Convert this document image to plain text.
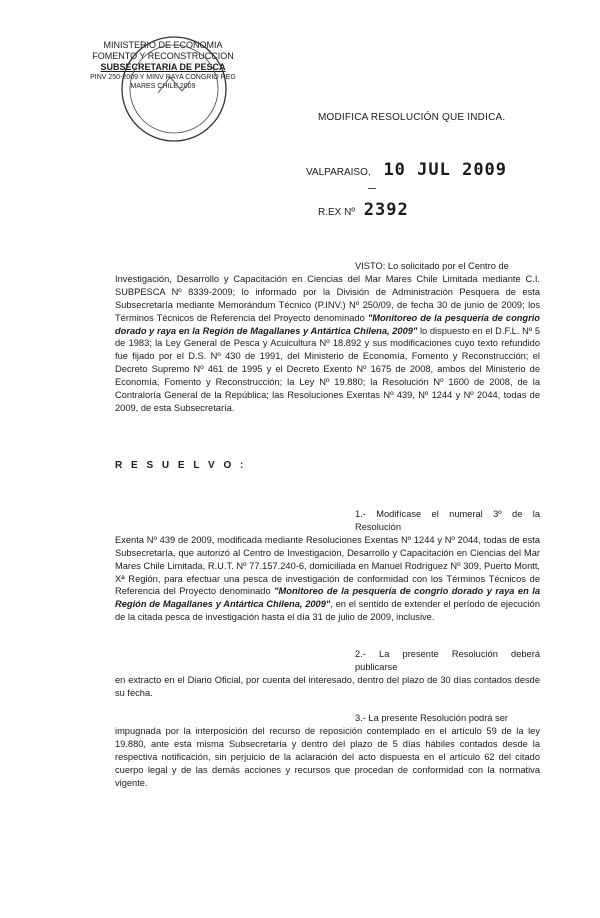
MINISTERIO DE ECONOMIA
FOMENTO Y RECONSTRUCCION
SUBSECRETARIA DE PESCA
PINV 250-2009 Y MINV RAYA CONGRIO REG
MARES CHILE 2009
MODIFICA RESOLUCIÓN QUE INDICA.
VALPARAISO, 10 JUL 2009
R.EX Nº 2392
VISTO: Lo solicitado por el Centro de
Investigación, Desarrollo y Capacitación en Ciencias del Mar Mares Chile Limitada mediante C.I. SUBPESCA Nº 8339-2009; lo informado por la División de Administración Pesquera de esta Subsecretaría mediante Memorándum Técnico (P.INV.) Nº 250/09, de fecha 30 de junio de 2009; los Términos Técnicos de Referencia del Proyecto denominado "Monitoreo de la pesquería de congrio dorado y raya en la Región de Magallanes y Antártica Chilena, 2009" lo dispuesto en el D.F.L. Nº 5 de 1983; la Ley General de Pesca y Acuicultura Nº 18.892 y sus modificaciones cuyo texto refundido fue fijado por el D.S. Nº 430 de 1991, del Ministerio de Economía, Fomento y Reconstrucción; el Decreto Supremo Nº 461 de 1995 y el Decreto Exento Nº 1675 de 2008, ambos del Ministerio de Economía, Fomento y Reconstrucción; la Ley Nº 19.880; la Resolución Nº 1600 de 2008, de la Contraloría General de la República; las Resoluciones Exentas Nº 439, Nº 1244 y Nº 2044, todas de 2009, de esta Subsecretaría.
R E S U E L V O :
1.- Modifícase el numeral 3º de la Resolución
Exenta Nº 439 de 2009, modificada mediante Resoluciones Exentas Nº 1244 y Nº 2044, todas de esta Subsecretaría, que autorizó al Centro de Investigación, Desarrollo y Capacitación en Ciencias del Mar Mares Chile Limitada, R.U.T. Nº 77.157.240-6, domiciliada en Manuel Rodríguez Nº 309, Puerto Montt, Xª Región, para efectuar una pesca de investigación de conformidad con los Términos Técnicos de Referencia del Proyecto denominado "Monitoreo de la pesquería de congrio dorado y raya en la Región de Magallanes y Antártica Chilena, 2009", en el sentido de extender el período de ejecución de la citada pesca de investigación hasta el día 31 de julio de 2009, inclusive.
2.- La presente Resolución deberá publicarse
en extracto en el Diario Oficial, por cuenta del interesado, dentro del plazo de 30 días contados desde su fecha.
3.- La presente Resolución podrá ser
impugnada por la interposición del recurso de reposición contemplado en el artículo 59 de la ley 19.880, ante esta misma Subsecretaría y dentro del plazo de 5 días hábiles contados desde la respectiva notificación, sin perjuicio de la aclaración del acto dispuesta en el artículo 62 del citado cuerpo legal y de las demás acciones y recursos que procedan de conformidad con la normativa vigente.
